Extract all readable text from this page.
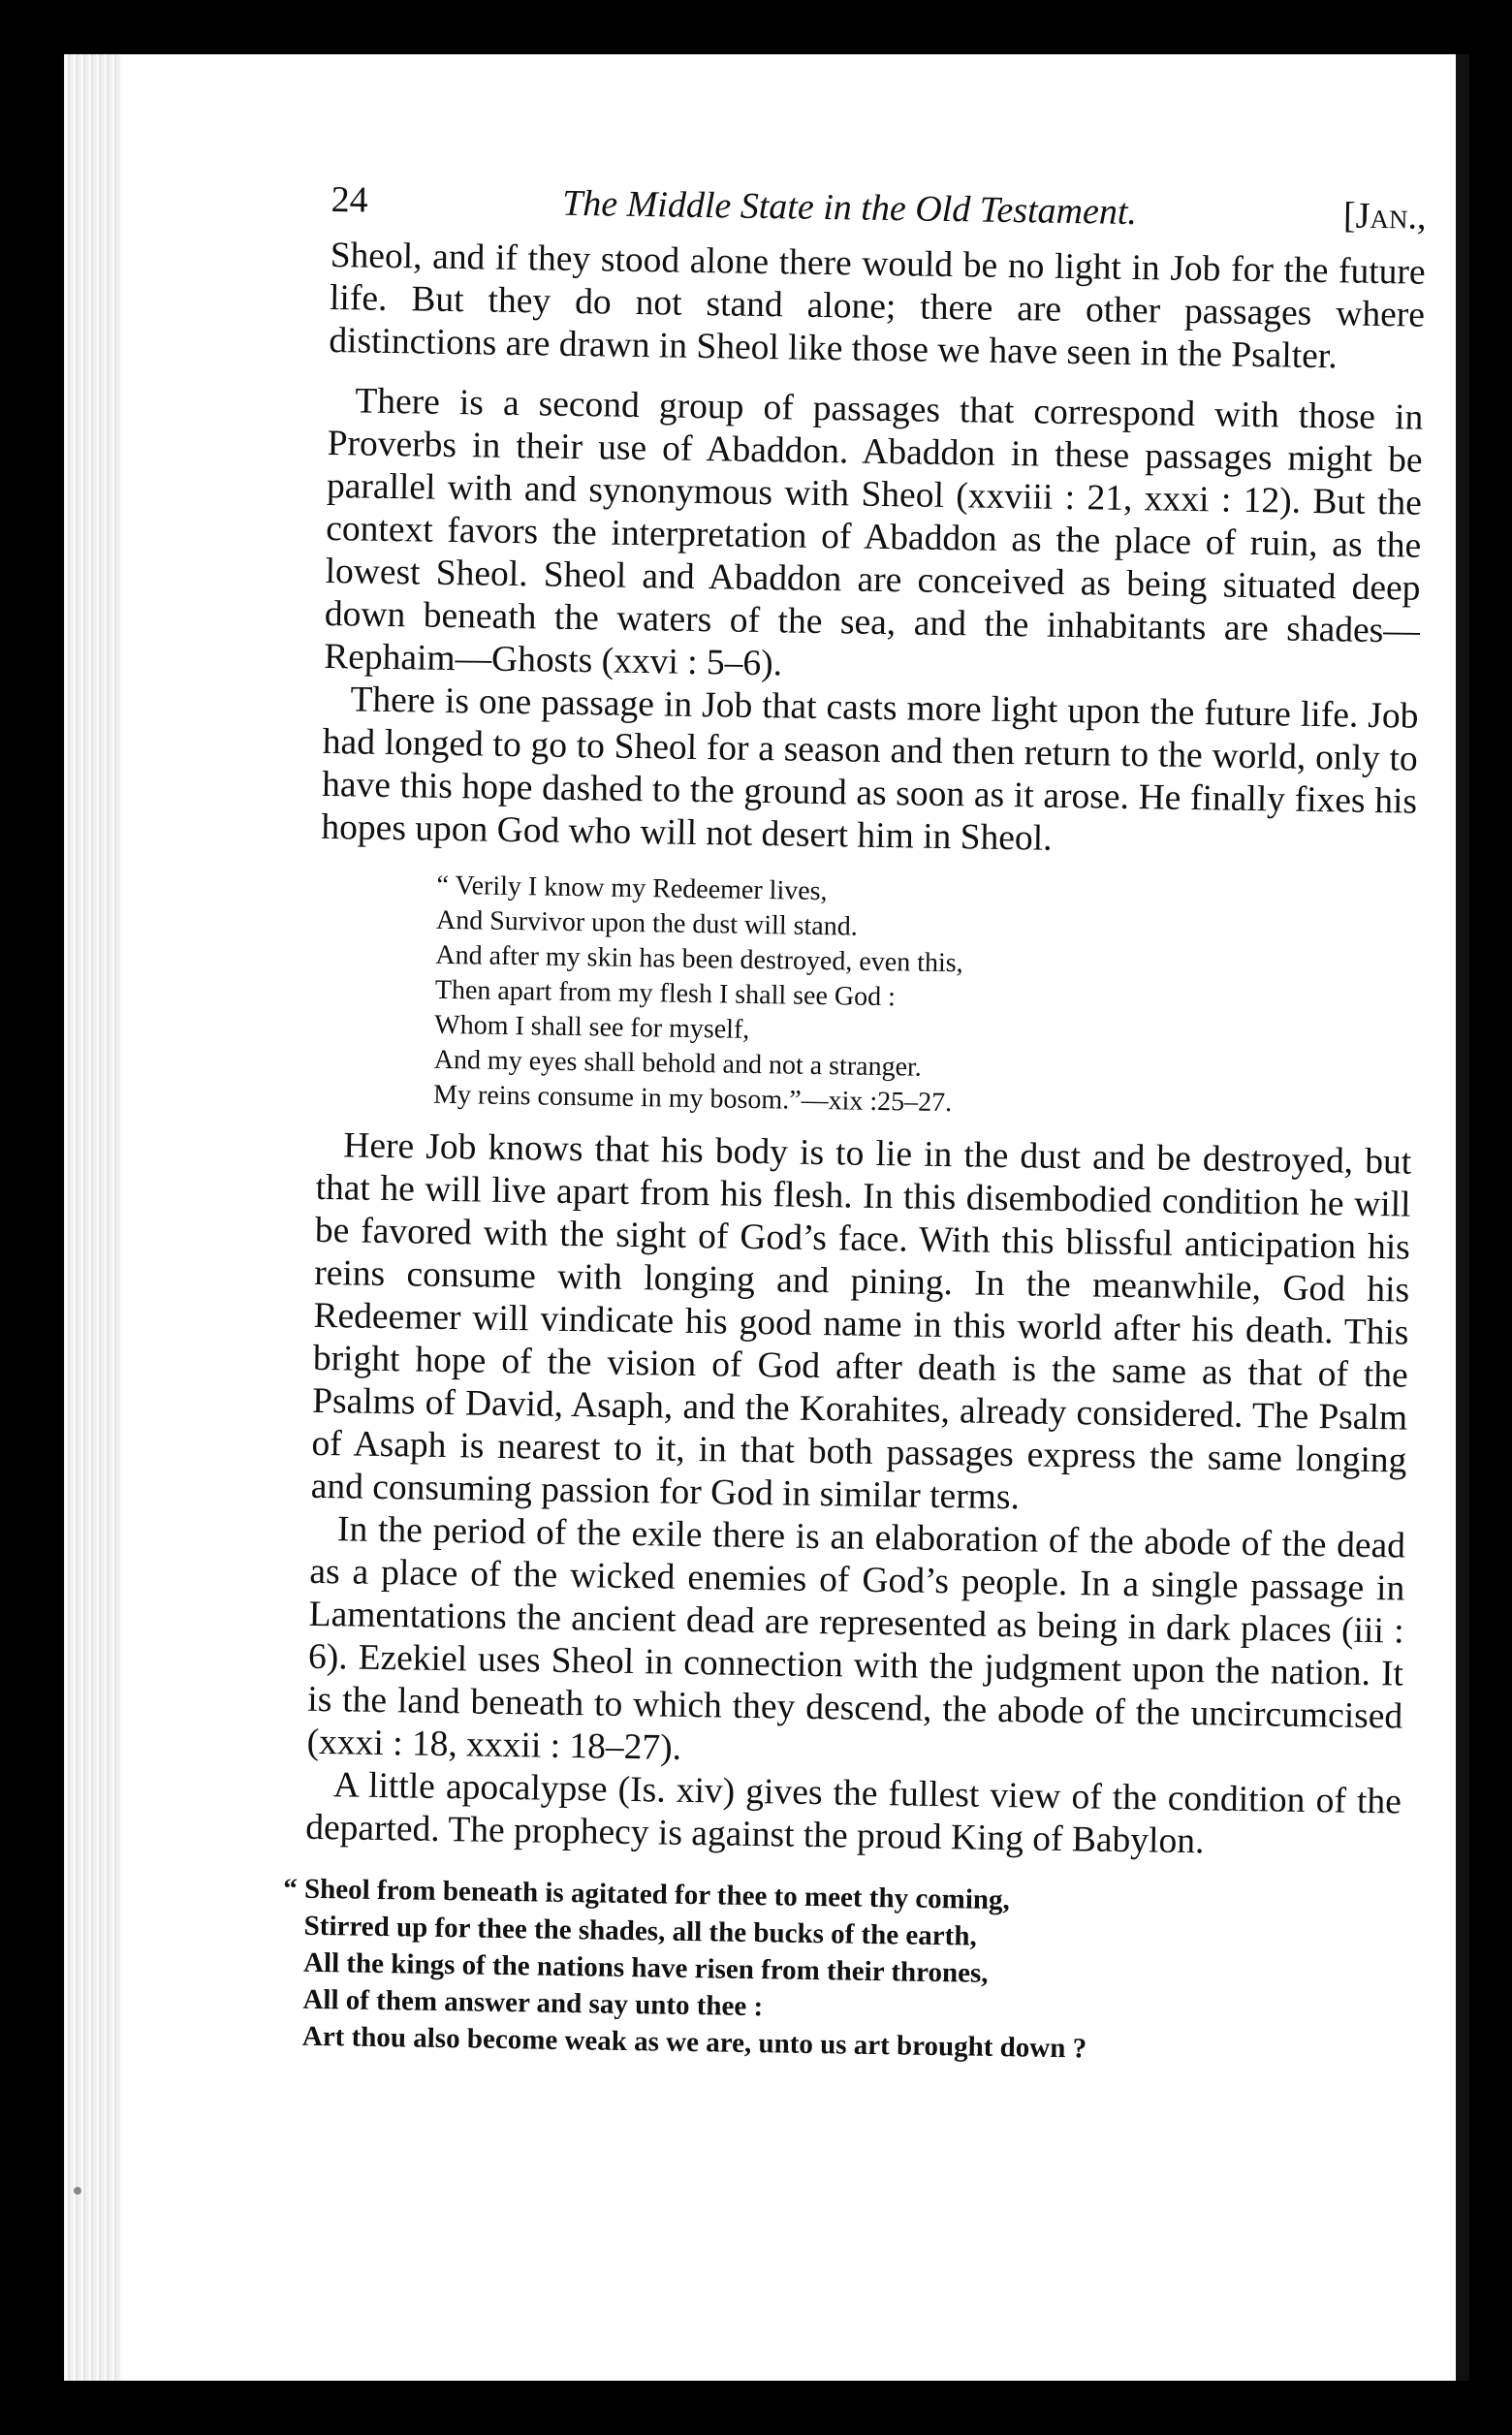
24	The Middle State in the Old Testament.	[Jan.,

Sheol, and if they stood alone there would be no light in Job for the future life. But they do not stand alone; there are other passages where distinctions are drawn in Sheol like those we have seen in the Psalter.

There is a second group of passages that correspond with those in Proverbs in their use of Abaddon. Abaddon in these passages might be parallel with and synonymous with Sheol (xxviii : 21, xxxi : 12). But the context favors the interpretation of Abaddon as the place of ruin, as the lowest Sheol. Sheol and Abaddon are conceived as being situated deep down beneath the waters of the sea, and the inhabitants are shades—Rephaim—Ghosts (xxvi : 5–6).

There is one passage in Job that casts more light upon the future life. Job had longed to go to Sheol for a season and then return to the world, only to have this hope dashed to the ground as soon as it arose. He finally fixes his hopes upon God who will not desert him in Sheol.

“ Verily I know my Redeemer lives,
And Survivor upon the dust will stand.
And after my skin has been destroyed, even this,
Then apart from my flesh I shall see God :
Whom I shall see for myself,
And my eyes shall behold and not a stranger.
My reins consume in my bosom.”—xix :25–27.

Here Job knows that his body is to lie in the dust and be destroyed, but that he will live apart from his flesh. In this disembodied condition he will be favored with the sight of God’s face. With this blissful anticipation his reins consume with longing and pining. In the meanwhile, God his Redeemer will vindicate his good name in this world after his death. This bright hope of the vision of God after death is the same as that of the Psalms of David, Asaph, and the Korahites, already considered. The Psalm of Asaph is nearest to it, in that both passages express the same longing and consuming passion for God in similar terms.

In the period of the exile there is an elaboration of the abode of the dead as a place of the wicked enemies of God’s people. In a single passage in Lamentations the ancient dead are represented as being in dark places (iii : 6). Ezekiel uses Sheol in connection with the judgment upon the nation. It is the land beneath to which they descend, the abode of the uncircumcised (xxxi : 18, xxxii : 18–27).

A little apocalypse (Is. xiv) gives the fullest view of the condition of the departed. The prophecy is against the proud King of Babylon.

“ Sheol from beneath is agitated for thee to meet thy coming,
Stirred up for thee the shades, all the bucks of the earth,
All the kings of the nations have risen from their thrones,
All of them answer and say unto thee :
Art thou also become weak as we are, unto us art brought down ?
